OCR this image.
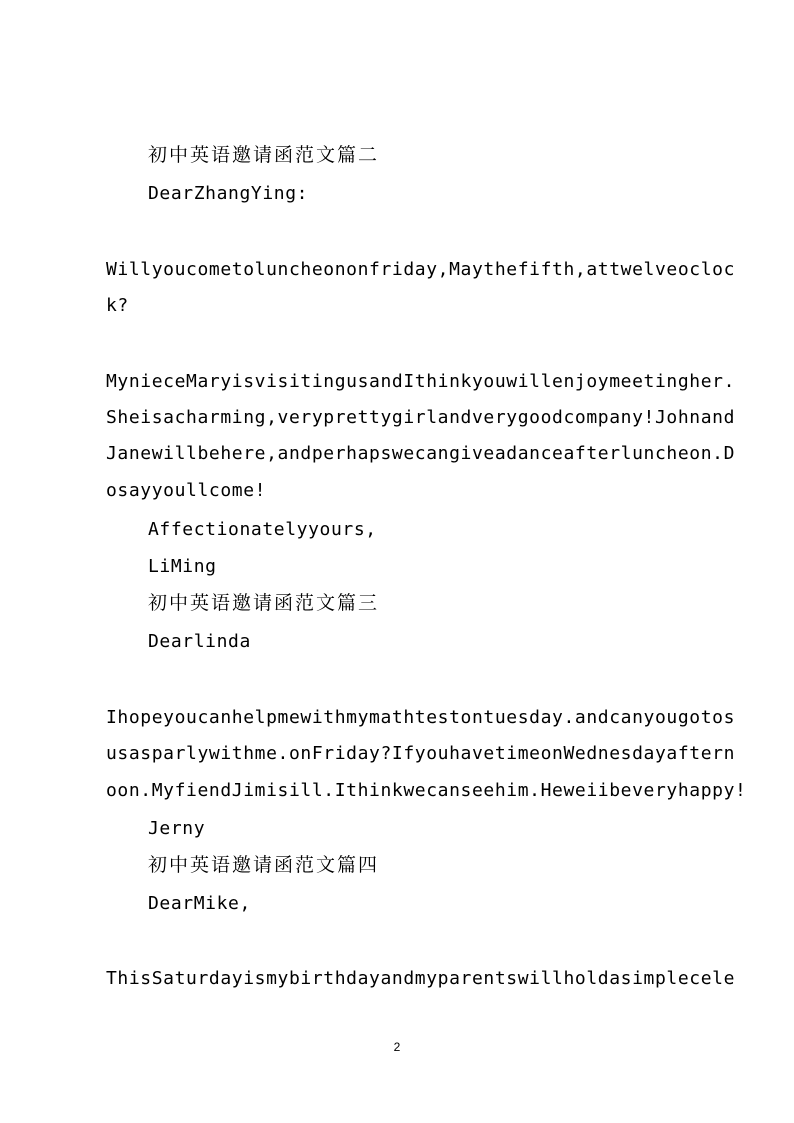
初中英语邀请函范文篇二
DearZhangYing:
Willyoucometoluncheononfriday,Maythefifth,attwelveocloc
k?
MynieceMaryisvisitingusandIthinkyouwillenjoymeetingher.
Sheisacharming,veryprettygirlandverygoodcompany!Johnand
Janewillbehere,andperhapswecangiveadanceafterluncheon.D
osayyoullcome!
Affectionatelyyours,
LiMing
初中英语邀请函范文篇三
Dearlinda
Ihopeyoucanhelpmewithmymathtestontuesday.andcanyougotos
usasparlywithme.onFriday?IfyouhavetimeonWednesdayaftern
oon.MyfiendJimisill.Ithinkwecanseehim.Heweiibeveryhappy!
Jerny
初中英语邀请函范文篇四
DearMike,
ThisSaturdayismybirthdayandmyparentswillholdasimplecele
2
